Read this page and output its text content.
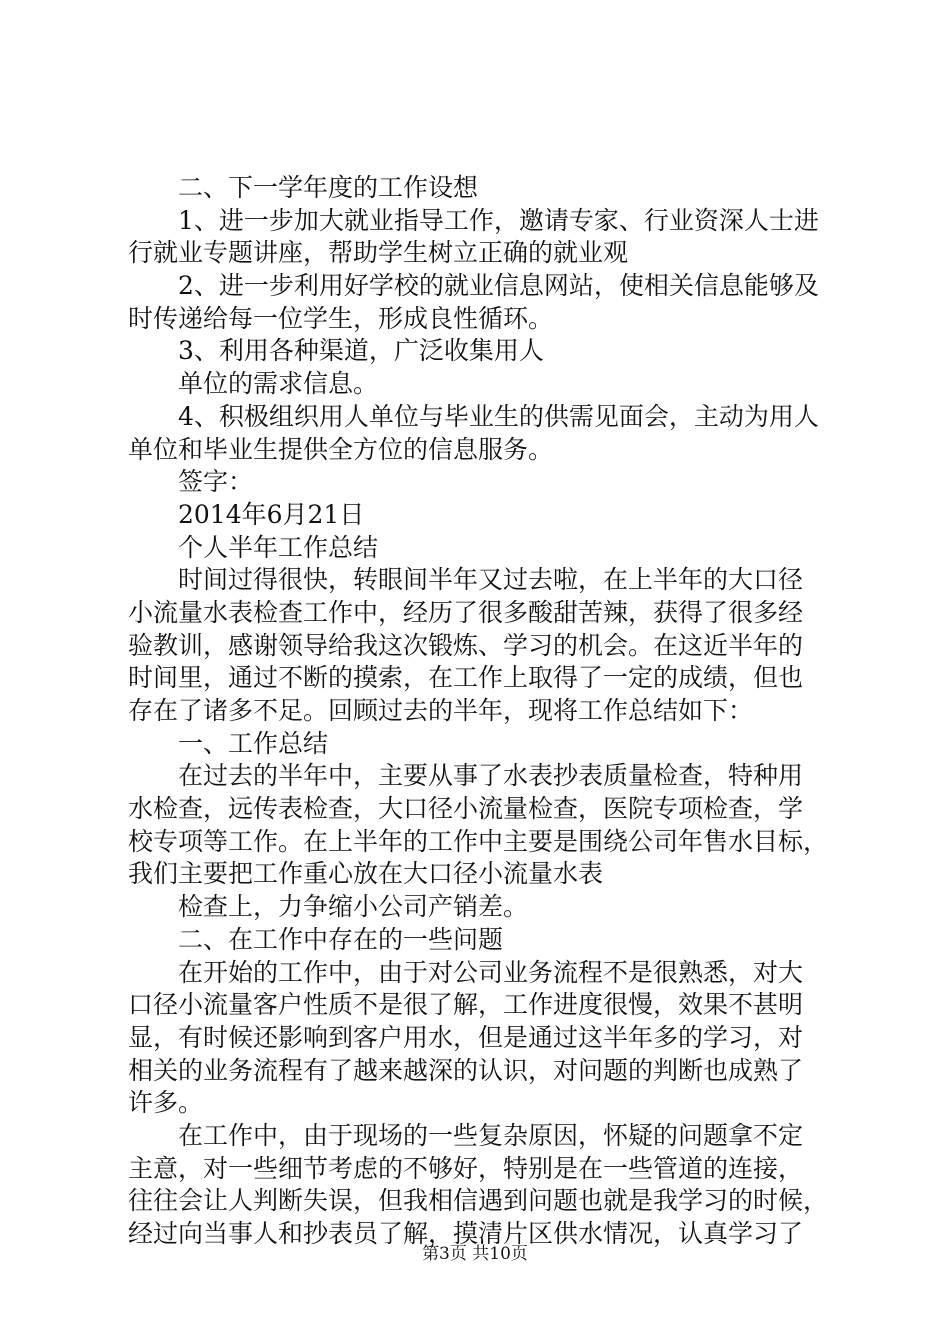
二、下一学年度的工作设想
1、进一步加大就业指导工作，邀请专家、行业资深人士进
行就业专题讲座，帮助学生树立正确的就业观
2、进一步利用好学校的就业信息网站，使相关信息能够及
时传递给每一位学生，形成良性循环。
3、利用各种渠道，广泛收集用人
单位的需求信息。
4、积极组织用人单位与毕业生的供需见面会，主动为用人
单位和毕业生提供全方位的信息服务。
签字：
2014年6月21日
个人半年工作总结
时间过得很快，转眼间半年又过去啦，在上半年的大口径
小流量水表检查工作中，经历了很多酸甜苦辣，获得了很多经
验教训，感谢领导给我这次锻炼、学习的机会。在这近半年的
时间里，通过不断的摸索，在工作上取得了一定的成绩，但也
存在了诸多不足。回顾过去的半年，现将工作总结如下：
一、工作总结
在过去的半年中，主要从事了水表抄表质量检查，特种用
水检查，远传表检查，大口径小流量检查，医院专项检查，学
校专项等工作。在上半年的工作中主要是围绕公司年售水目标，
我们主要把工作重心放在大口径小流量水表
检查上，力争缩小公司产销差。
二、在工作中存在的一些问题
在开始的工作中，由于对公司业务流程不是很熟悉，对大
口径小流量客户性质不是很了解，工作进度很慢，效果不甚明
显，有时候还影响到客户用水，但是通过这半年多的学习，对
相关的业务流程有了越来越深的认识，对问题的判断也成熟了
许多。
在工作中，由于现场的一些复杂原因，怀疑的问题拿不定
主意，对一些细节考虑的不够好，特别是在一些管道的连接，
往往会让人判断失误，但我相信遇到问题也就是我学习的时候，
经过向当事人和抄表员了解，摸清片区供水情况，认真学习了
第3页 共10页
